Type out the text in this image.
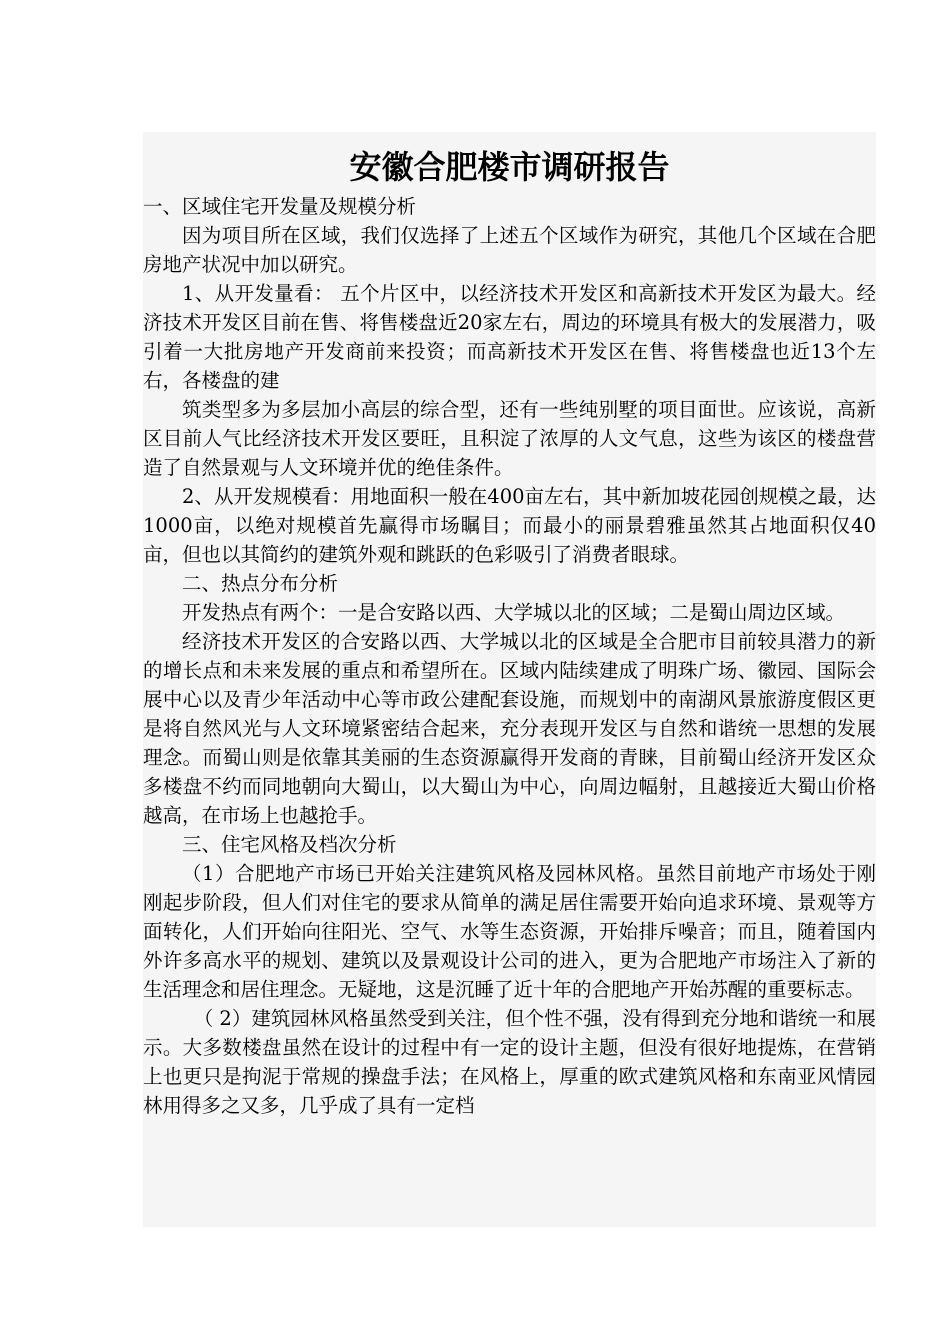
安徽合肥楼市调研报告

一、区域住宅开发量及规模分析

因为项目所在区域，我们仅选择了上述五个区域作为研究，其他几个区域在合肥房地产状况中加以研究。

1、从开发量看： 五个片区中，以经济技术开发区和高新技术开发区为最大。经济技术开发区目前在售、将售楼盘近20家左右，周边的环境具有极大的发展潜力，吸引着一大批房地产开发商前来投资；而高新技术开发区在售、将售楼盘也近13个左右，各楼盘的建

筑类型多为多层加小高层的综合型，还有一些纯别墅的项目面世。应该说，高新区目前人气比经济技术开发区要旺，且积淀了浓厚的人文气息，这些为该区的楼盘营造了自然景观与人文环境并优的绝佳条件。

2、从开发规模看：用地面积一般在400亩左右，其中新加坡花园创规模之最，达1000亩，以绝对规模首先赢得市场瞩目；而最小的丽景碧雅虽然其占地面积仅40亩，但也以其简约的建筑外观和跳跃的色彩吸引了消费者眼球。

二、热点分布分析

开发热点有两个：一是合安路以西、大学城以北的区域；二是蜀山周边区域。

经济技术开发区的合安路以西、大学城以北的区域是全合肥市目前较具潜力的新的增长点和未来发展的重点和希望所在。区域内陆续建成了明珠广场、徽园、国际会展中心以及青少年活动中心等市政公建配套设施，而规划中的南湖风景旅游度假区更是将自然风光与人文环境紧密结合起来，充分表现开发区与自然和谐统一思想的发展理念。而蜀山则是依靠其美丽的生态资源赢得开发商的青睐，目前蜀山经济开发区众多楼盘不约而同地朝向大蜀山，以大蜀山为中心，向周边幅射，且越接近大蜀山价格越高，在市场上也越抢手。

三、住宅风格及档次分析

（1）合肥地产市场已开始关注建筑风格及园林风格。虽然目前地产市场处于刚刚起步阶段，但人们对住宅的要求从简单的满足居住需要开始向追求环境、景观等方面转化，人们开始向往阳光、空气、水等生态资源，开始排斥噪音；而且，随着国内外许多高水平的规划、建筑以及景观设计公司的进入，更为合肥地产市场注入了新的生活理念和居住理念。无疑地，这是沉睡了近十年的合肥地产开始苏醒的重要标志。

（ 2）建筑园林风格虽然受到关注，但个性不强，没有得到充分地和谐统一和展示。大多数楼盘虽然在设计的过程中有一定的设计主题，但没有很好地提炼，在营销上也更只是拘泥于常规的操盘手法；在风格上，厚重的欧式建筑风格和东南亚风情园林用得多之又多，几乎成了具有一定档
